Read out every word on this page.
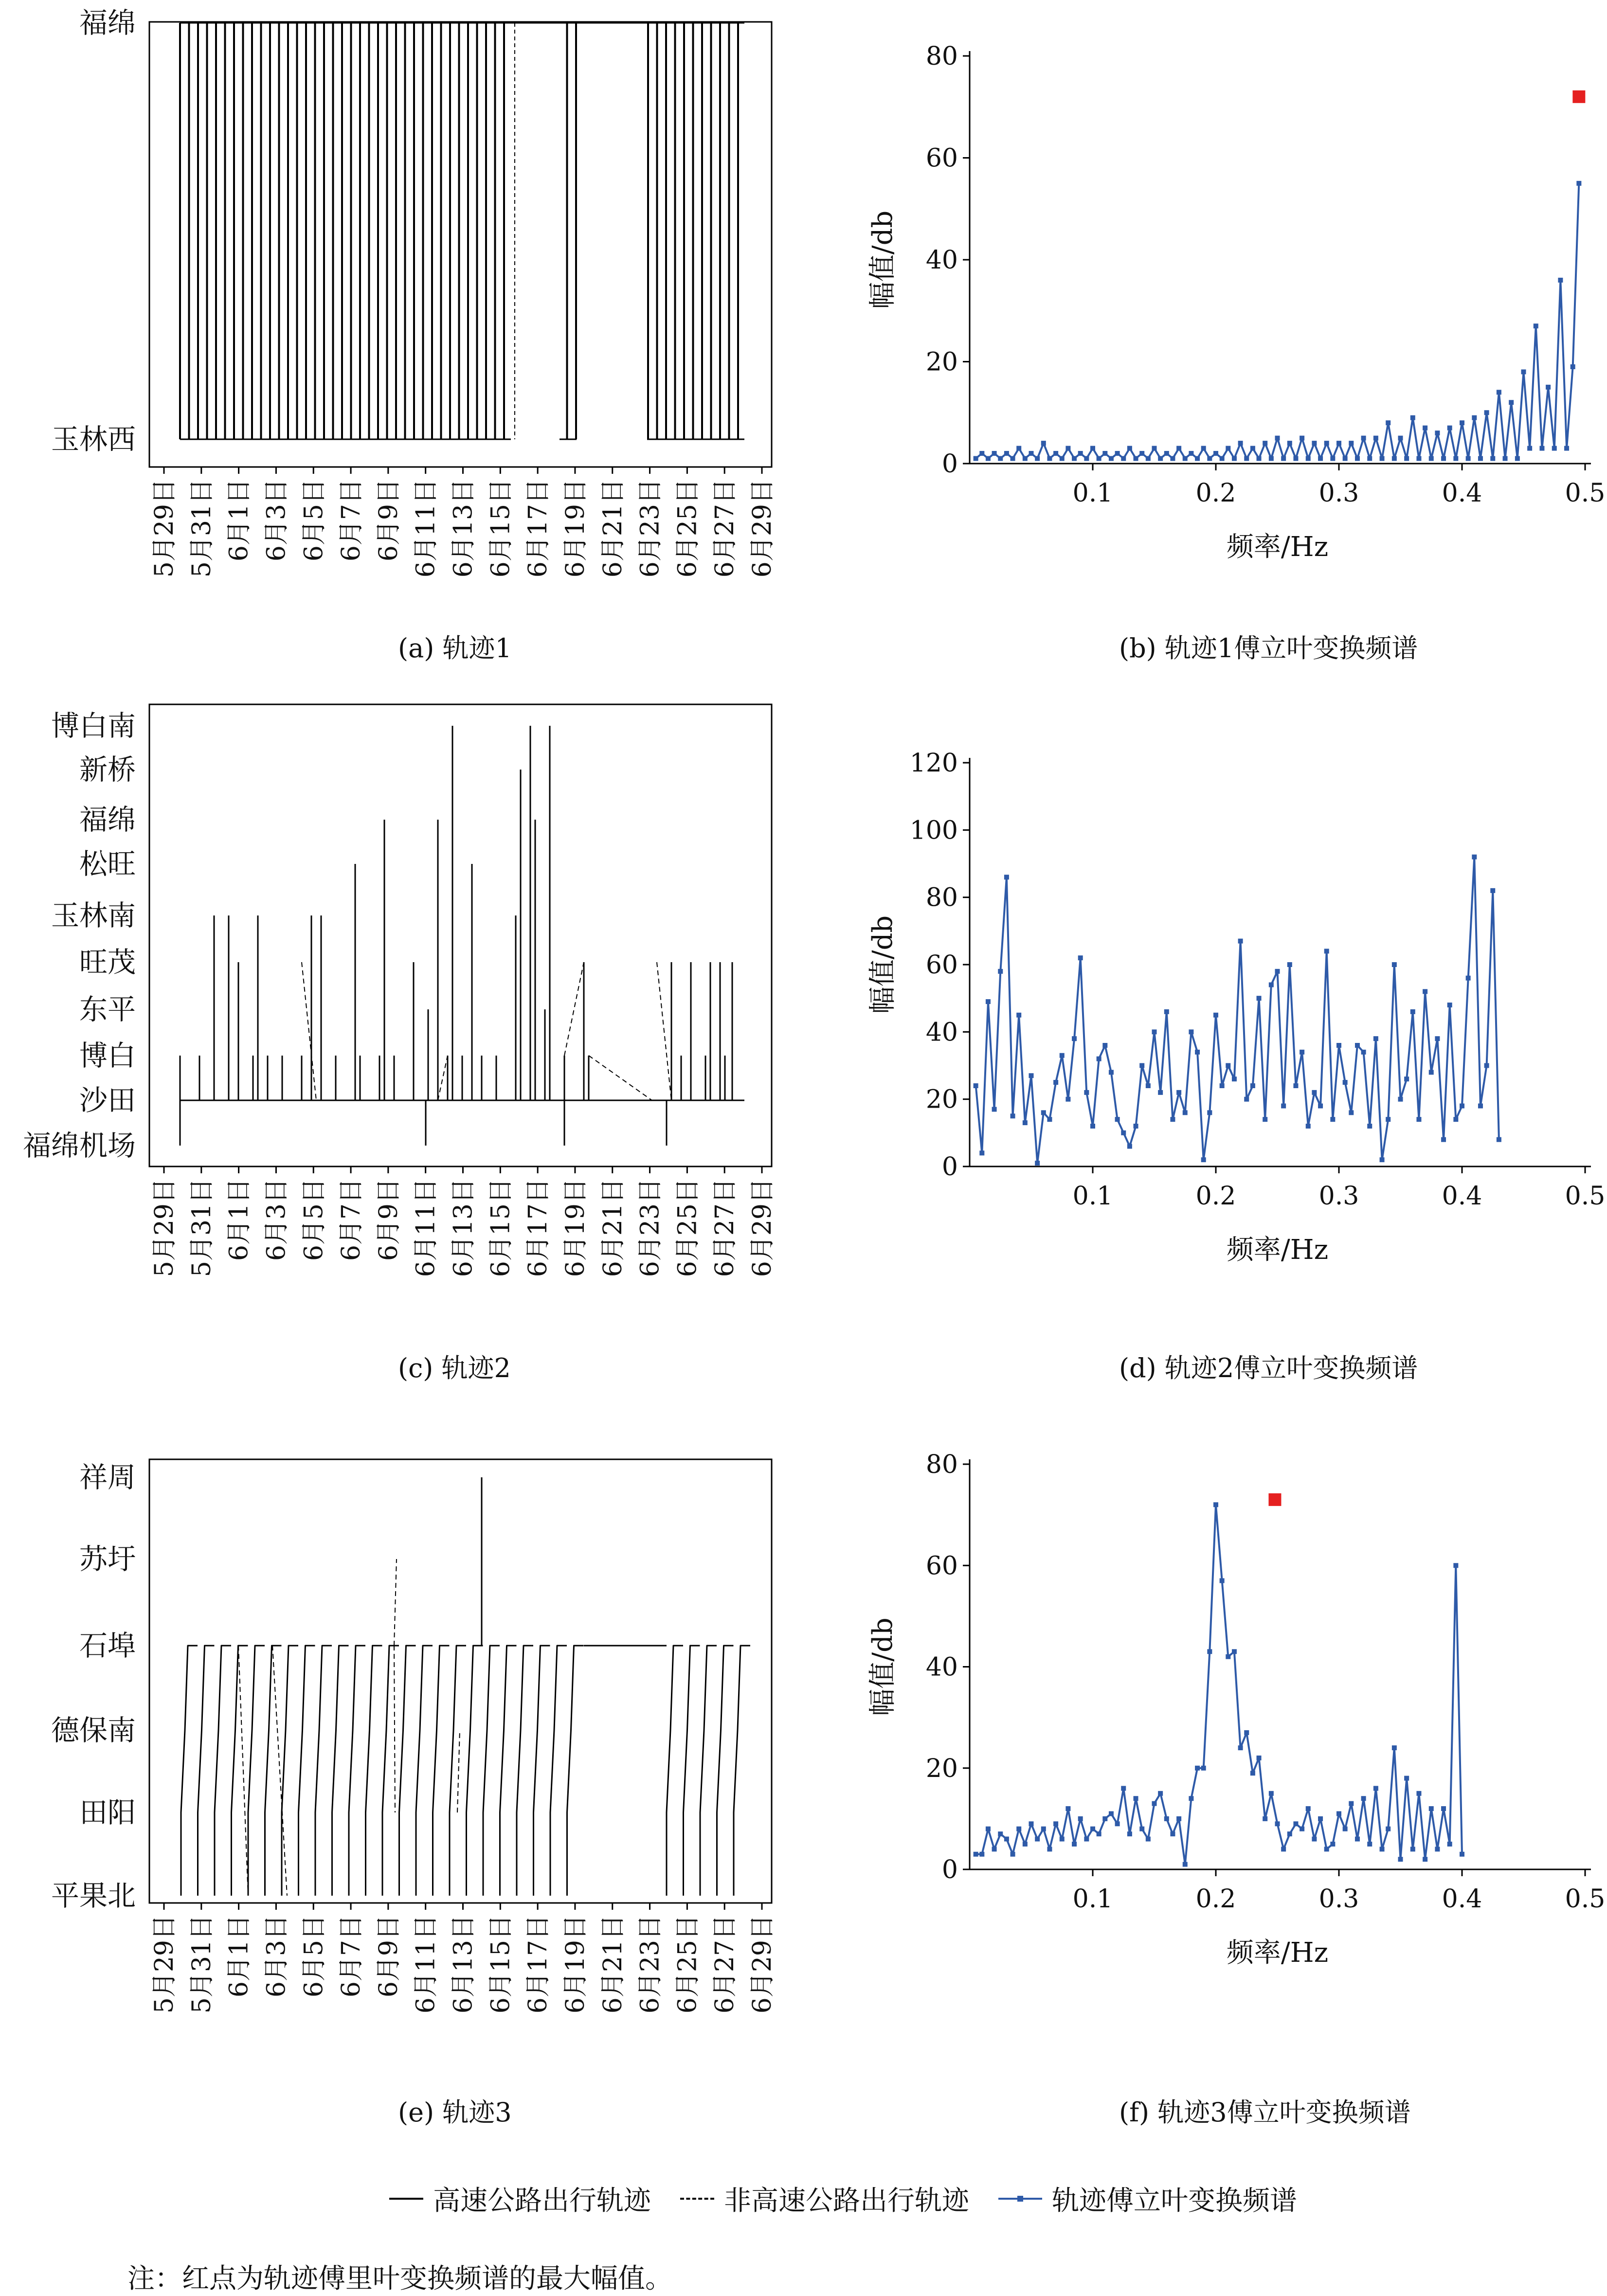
玉林西
福绵
5月29日 5月31日 6月1日 6月3日 6月5日 6月7日 6月9日 6月11日 6月13日 6月15日 6月17日 6月19日 6月21日 6月23日 6月25日 6月27日 6月29日
0
20
40
60
80
0.1	0.2	0.3	0.4	0.5
频率/Hz
幅值/db
福绵机场
沙田
博白
东平
旺茂
玉林南
松旺
福绵
新桥
博白南
5月29日 5月31日 6月1日 6月3日 6月5日 6月7日 6月9日 6月11日 6月13日 6月15日 6月17日 6月19日 6月21日 6月23日 6月25日 6月27日 6月29日
0
20
40
60
80
100
120
0.1	0.2	0.3	0.4	0.5
频率/Hz
幅值/db
平果北
田阳
德保南
石埠
苏圩
祥周
5月29日 5月31日 6月1日 6月3日 6月5日 6月7日 6月9日 6月11日 6月13日 6月15日 6月17日 6月19日 6月21日 6月23日 6月25日 6月27日 6月29日
0
20
40
60
80
0.1	0.2	0.3	0.4	0.5
频率/Hz
幅值/db
(a) 轨迹1	(b) 轨迹1傅立叶变换频谱
(c) 轨迹2	(d) 轨迹2傅立叶变换频谱
(e) 轨迹3	(f) 轨迹3傅立叶变换频谱
高速公路出行轨迹	非高速公路出行轨迹	轨迹傅立叶变换频谱
注：红点为轨迹傅里叶变换频谱的最大幅值。
